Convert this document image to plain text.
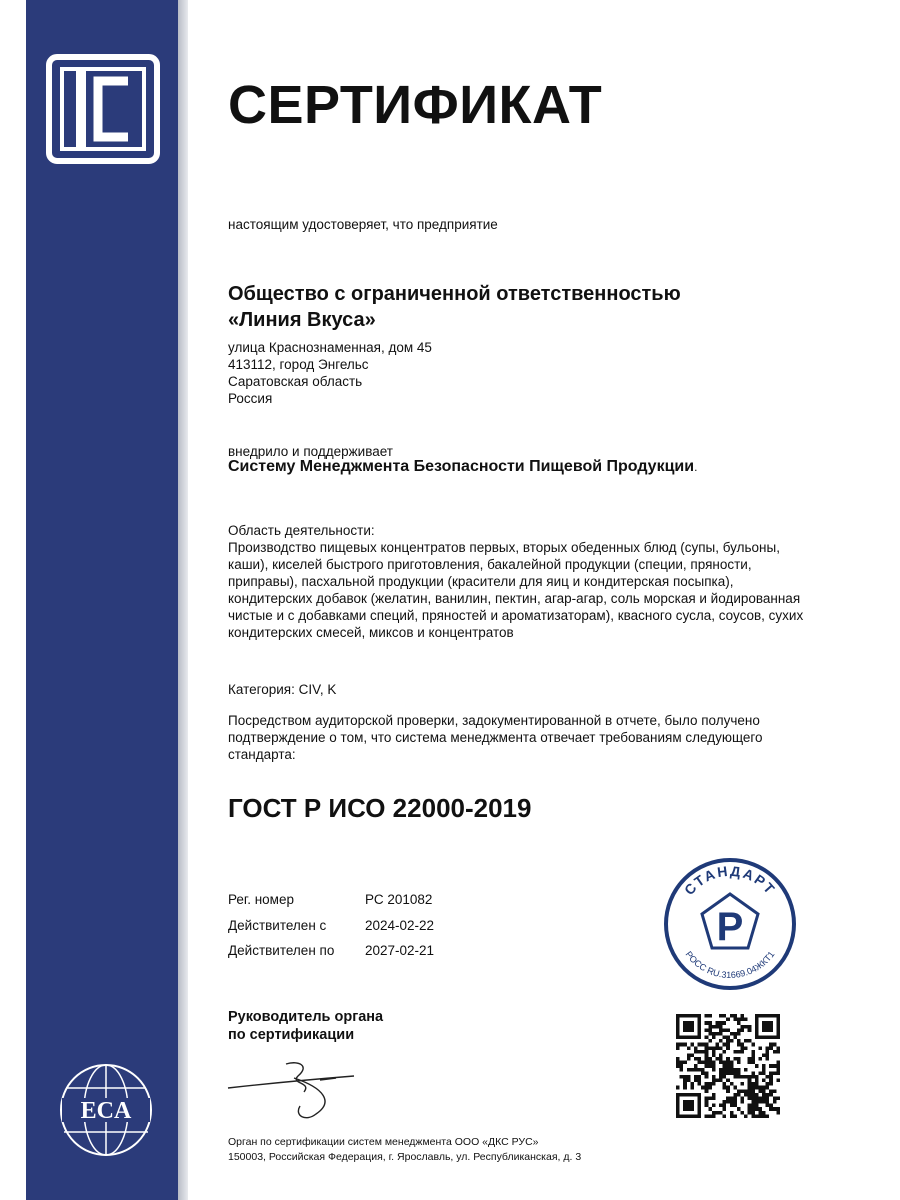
ECA
СЕРТИФИКАТ
настоящим удостоверяет, что предприятие
Общество с ограниченной ответственностью
«Линия Вкуса»
улица Краснознаменная, дом 45
413112, город Энгельс
Саратовская область
Россия
внедрило и поддерживает
Систему Менеджмента Безопасности Пищевой Продукции.
Область деятельности:
Производство пищевых концентратов первых, вторых обеденных блюд (супы, бульоны,
каши), киселей быстрого приготовления, бакалейной продукции (специи, пряности,
приправы), пасхальной продукции (красители для яиц и кондитерская посыпка),
кондитерских добавок (желатин, ванилин, пектин, агар-агар, соль морская и йодированная
чистые и с добавками специй, пряностей и ароматизаторам), квасного сусла, соусов, сухих
кондитерских смесей, миксов и концентратов
Категория: CIV, K
Посредством аудиторской проверки, задокументированной в отчете, было получено
подтверждение о том, что система менеджмента отвечает требованиям следующего
стандарта:
ГОСТ Р ИСО 22000-2019
Рег. номер	РС 201082
Действителен с	2024-02-22
Действителен по 2027-02-21
Руководитель органа
по сертификации
Орган по сертификации систем менеджмента ООО «ДКС РУС»
150003, Российская Федерация, г. Ярославль, ул. Республиканская, д. 3
СТАНДАРТ
РОСС RU.31669.04ЖКТ1
Р
